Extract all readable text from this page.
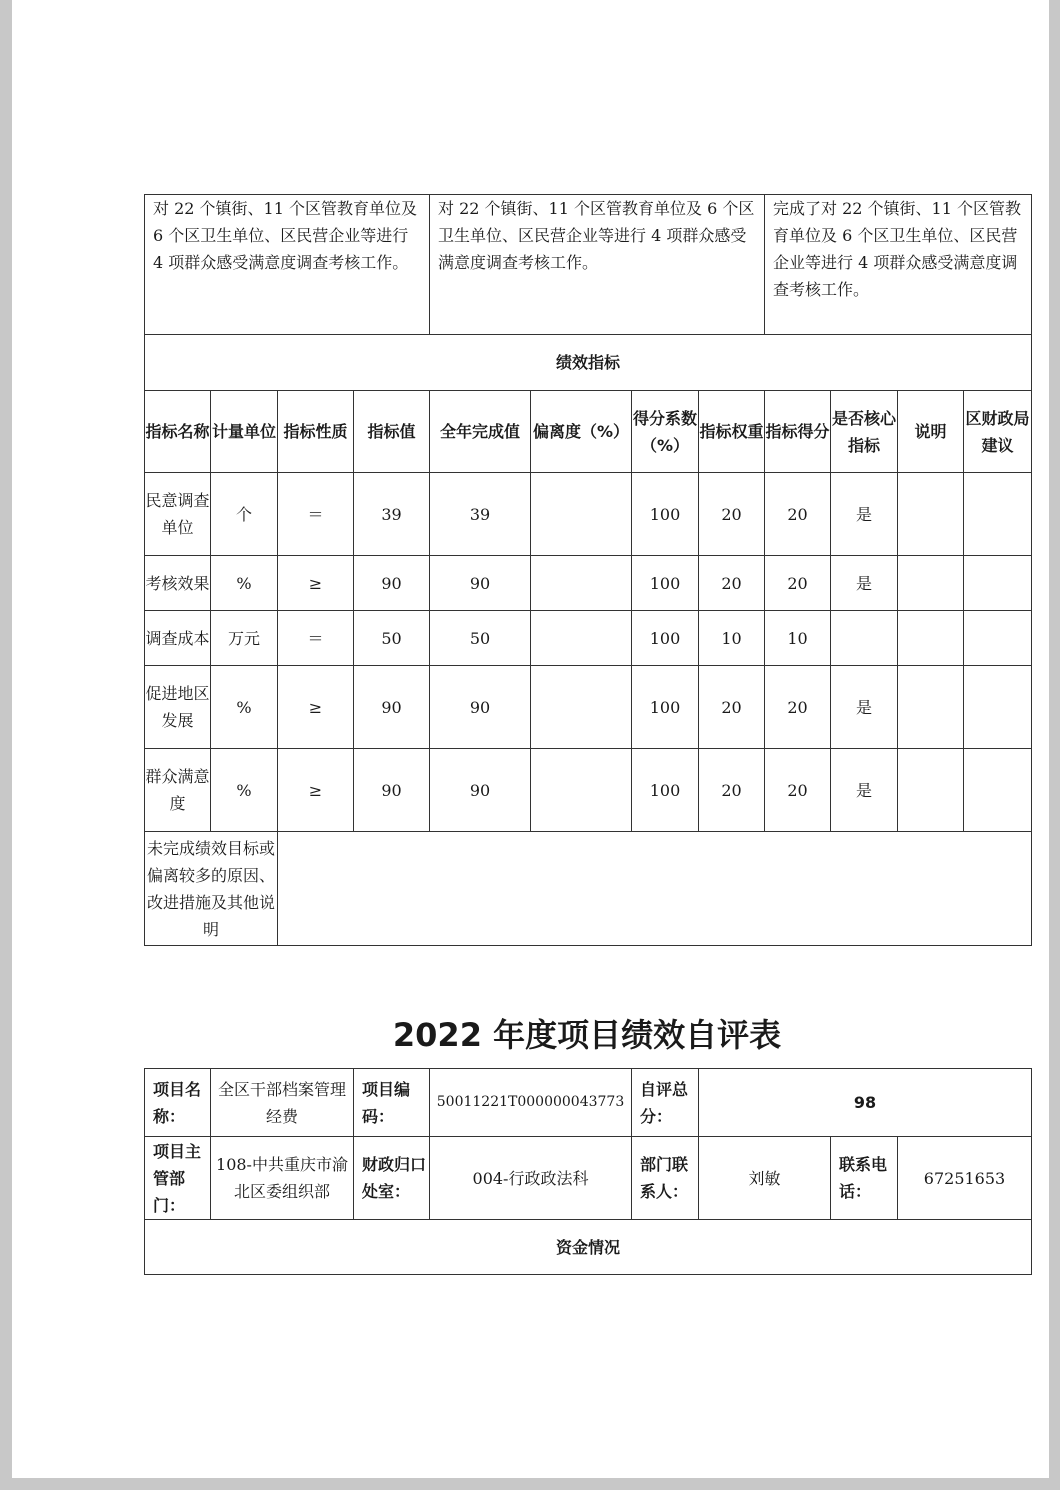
对 22 个镇街、11 个区管教育单位及 6 个区卫生单位、区民营企业等进行 4 项群众感受满意度调查考核工作。				对 22 个镇街、11 个区管教育单位及 6 个区卫生单位、区民营企业等进行 4 项群众感受满意度调查考核工作。				完成了对 22 个镇街、11 个区管教育单位及 6 个区卫生单位、区民营企业等进行 4 项群众感受满意度调查考核工作。			
绩效指标											
指标名称	计量单位	指标性质	指标值	全年完成值	偏离度（%）	得分系数（%）	指标权重	指标得分	是否核心指标	说明	区财政局建议
民意调查单位	个	＝	39	39		100	20	20	是		
考核效果	%	≥	90	90		100	20	20	是		
调查成本	万元	＝	50	50		100	10	10			
促进地区发展	%	≥	90	90		100	20	20	是		
群众满意度	%	≥	90	90		100	20	20	是		
未完成绩效目标或偏离较多的原因、改进措施及其他说明											
2022 年度项目绩效自评表
项目名称：	全区干部档案管理经费	项目编码：	50011221T000000043773	自评总分：	98		
项目主管部门：	108-中共重庆市渝北区委组织部	财政归口处室：	004-行政政法科	部门联系人：	刘敏	联系电话：	67251653
资金情况							
